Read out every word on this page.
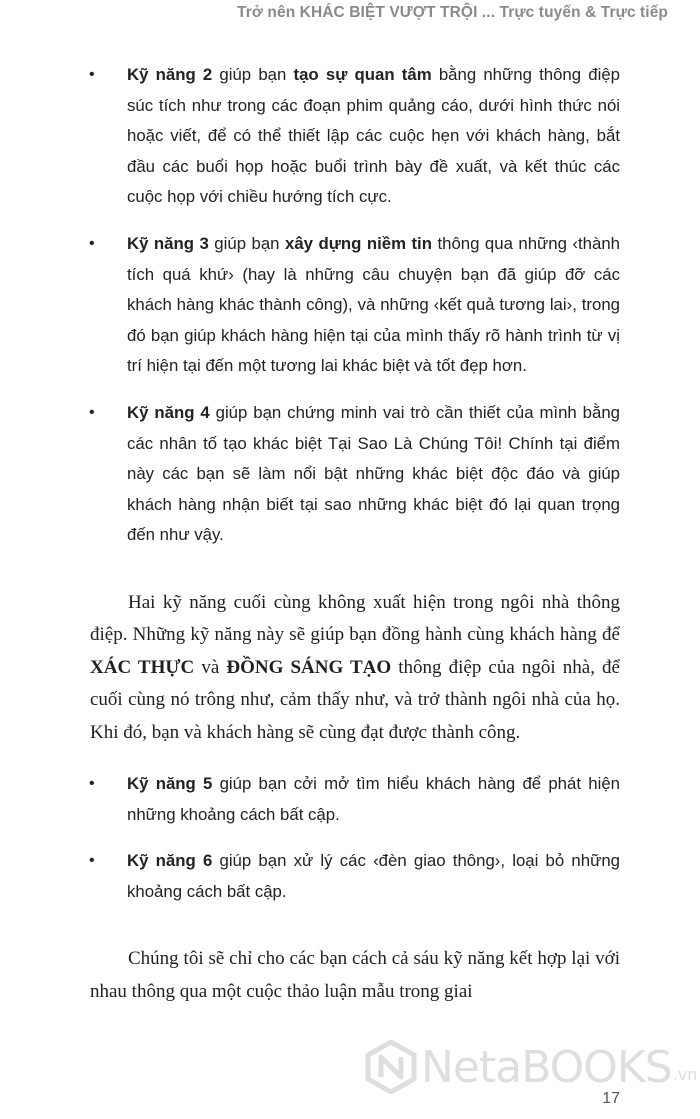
Trở nên KHÁC BIỆT VƯỢT TRỘI ... Trực tuyến & Trực tiếp
• Kỹ năng 2 giúp bạn tạo sự quan tâm bằng những thông điệp súc tích như trong các đoạn phim quảng cáo, dưới hình thức nói hoặc viết, để có thể thiết lập các cuộc hẹn với khách hàng, bắt đầu các buổi họp hoặc buổi trình bày đề xuất, và kết thúc các cuộc họp với chiều hướng tích cực.
• Kỹ năng 3 giúp bạn xây dựng niềm tin thông qua những ‹thành tích quá khứ› (hay là những câu chuyện bạn đã giúp đỡ các khách hàng khác thành công), và những ‹kết quả tương lai›, trong đó bạn giúp khách hàng hiện tại của mình thấy rõ hành trình từ vị trí hiện tại đến một tương lai khác biệt và tốt đẹp hơn.
• Kỹ năng 4 giúp bạn chứng minh vai trò cần thiết của mình bằng các nhân tố tạo khác biệt Tại Sao Là Chúng Tôi! Chính tại điểm này các bạn sẽ làm nổi bật những khác biệt độc đáo và giúp khách hàng nhận biết tại sao những khác biệt đó lại quan trọng đến như vậy.

Hai kỹ năng cuối cùng không xuất hiện trong ngôi nhà thông điệp. Những kỹ năng này sẽ giúp bạn đồng hành cùng khách hàng để XÁC THỰC và ĐỒNG SÁNG TẠO thông điệp của ngôi nhà, để cuối cùng nó trông như, cảm thấy như, và trở thành ngôi nhà của họ. Khi đó, bạn và khách hàng sẽ cùng đạt được thành công.

• Kỹ năng 5 giúp bạn cởi mở tìm hiểu khách hàng để phát hiện những khoảng cách bất cập.
• Kỹ năng 6 giúp bạn xử lý các ‹đèn giao thông›, loại bỏ những khoảng cách bất cập.

Chúng tôi sẽ chỉ cho các bạn cách cả sáu kỹ năng kết hợp lại với nhau thông qua một cuộc thảo luận mẫu trong giai

NetaBOOKS .vn
17
